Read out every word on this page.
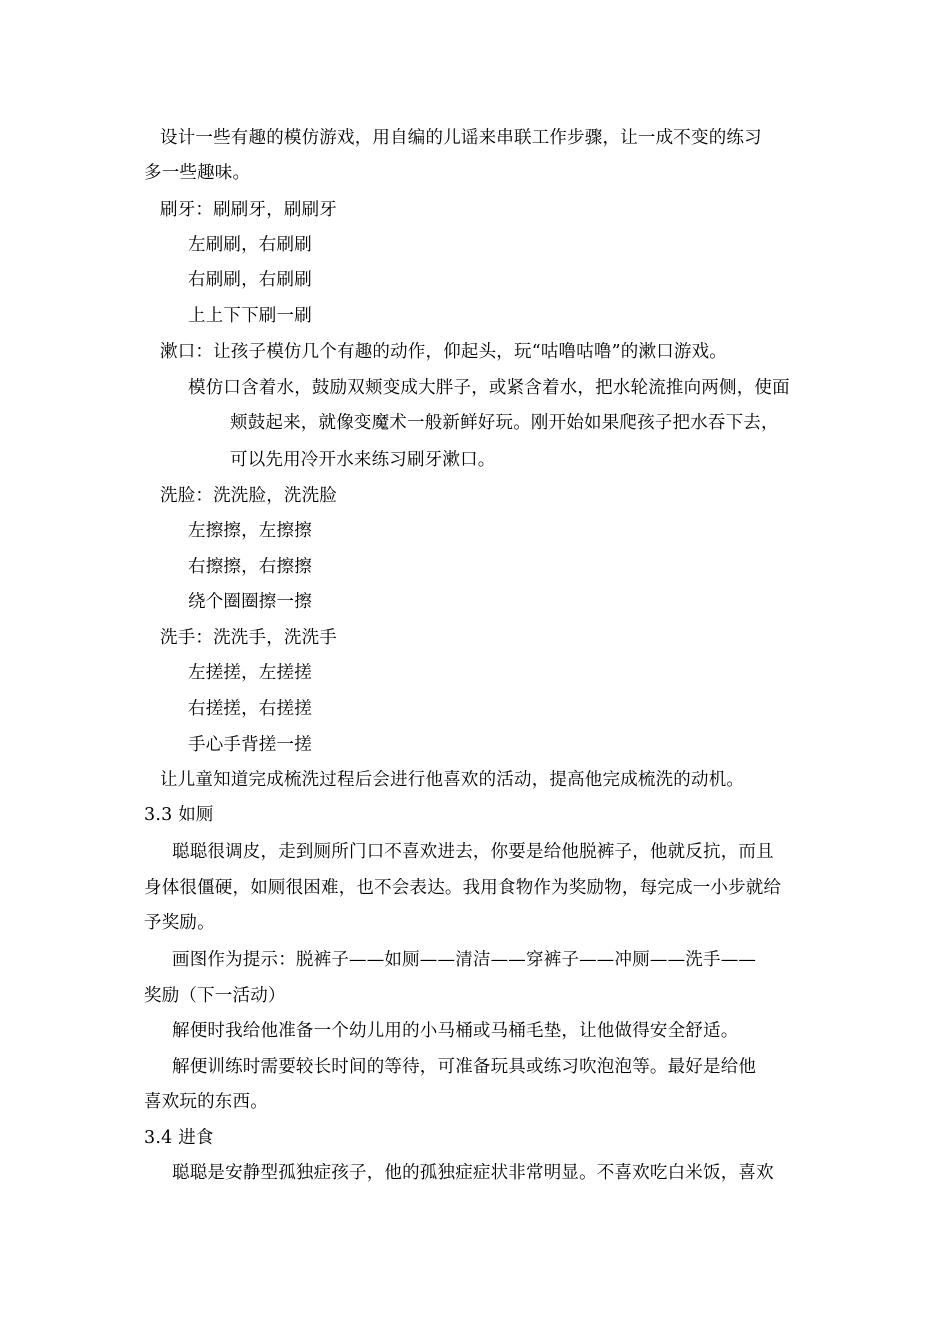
设计一些有趣的模仿游戏，用自编的儿谣来串联工作步骤，让一成不变的练习
多一些趣味。
刷牙：刷刷牙，刷刷牙
左刷刷，右刷刷
右刷刷，右刷刷
上上下下刷一刷
漱口：让孩子模仿几个有趣的动作，仰起头，玩“咕噜咕噜”的漱口游戏。
模仿口含着水，鼓励双颊变成大胖子，或紧含着水，把水轮流推向两侧，使面
颊鼓起来，就像变魔术一般新鲜好玩。刚开始如果爬孩子把水吞下去，
可以先用冷开水来练习刷牙漱口。
洗脸：洗洗脸，洗洗脸
左擦擦，左擦擦
右擦擦，右擦擦
绕个圈圈擦一擦
洗手：洗洗手，洗洗手
左搓搓，左搓搓
右搓搓，右搓搓
手心手背搓一搓
让儿童知道完成梳洗过程后会进行他喜欢的活动，提高他完成梳洗的动机。
3.3 如厕
聪聪很调皮，走到厕所门口不喜欢进去，你要是给他脱裤子，他就反抗，而且
身体很僵硬，如厕很困难，也不会表达。我用食物作为奖励物，每完成一小步就给
予奖励。
画图作为提示：脱裤子——如厕——清洁——穿裤子——冲厕——洗手——
奖励（下一活动）
解便时我给他准备一个幼儿用的小马桶或马桶毛垫，让他做得安全舒适。
解便训练时需要较长时间的等待，可准备玩具或练习吹泡泡等。最好是给他
喜欢玩的东西。
3.4 进食
聪聪是安静型孤独症孩子，他的孤独症症状非常明显。不喜欢吃白米饭，喜欢
